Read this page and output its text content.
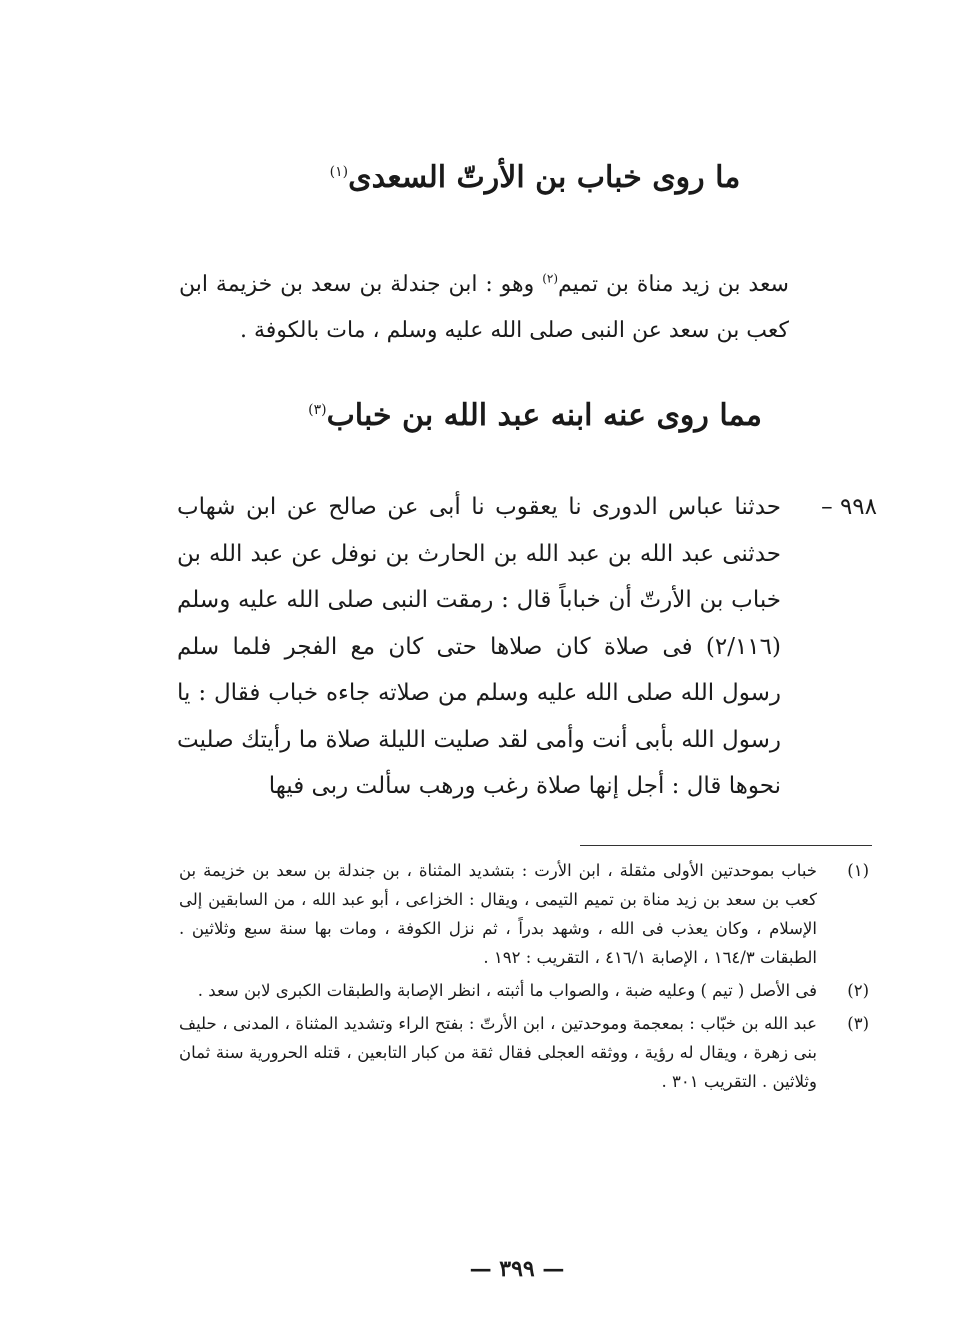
ما روى خباب بن الأرتّ السعدى$^{(١)}$
سعد بن زيد مناة بن تميم$^{(٢)}$ وهو : ابن جندلة بن سعد بن خزيمة ابن كعب بن سعد عن النبى صلى الله عليه وسلم ، مات بالكوفة .
مما روى عنه ابنه عبد الله بن خباب$^{(٣)}$
٩٩٨ –
حدثنا عباس الدورى نا يعقوب نا أبى عن صالح عن ابن شهاب حدثنى عبد الله بن عبد الله بن الحارث بن نوفل عن عبد الله بن خباب بن الأرتّ أن خباباً قال : رمقت النبى صلى الله عليه وسلم (٢/١١٦) فى صلاة كان صلاها حتى كان مع الفجر فلما سلم رسول الله صلى الله عليه وسلم من صلاته جاءه خباب فقال : يا رسول الله بأبى أنت وأمى لقد صليت الليلة صلاة ما رأيتك صليت نحوها قال : أجل إنها صلاة رغب ورهب سألت ربى فيها
(١)
خباب بموحدتين الأولى مثقلة ، ابن الأرت : بتشديد المثناة ، بن جندلة بن سعد بن خزيمة بن كعب بن سعد بن زيد مناة بن تميم التيمى ، ويقال : الخزاعى ، أبو عبد الله ، من السابقين إلى الإسلام ، وكان يعذب فى الله ، وشهد بدراً ، ثم نزل الكوفة ، ومات بها سنة سبع وثلاثين . الطبقات ١٦٤/٣ ، الإصابة ٤١٦/١ ، التقريب : ١٩٢ .
(٢)
فى الأصل ( تيم ) وعليه ضبة ، والصواب ما أثبته ، انظر الإصابة والطبقات الكبرى لابن سعد .
(٣)
عبد الله بن خبّاب : بمعجمة وموحدتين ، ابن الأرتّ : بفتح الراء وتشديد المثناة ، المدنى ، حليف بنى زهرة ، ويقال له رؤية ، ووثقه العجلى فقال ثقة من كبار التابعين ، قتله الحرورية سنة ثمان وثلاثين . التقريب ٣٠١ .
— ٣٩٩ —
